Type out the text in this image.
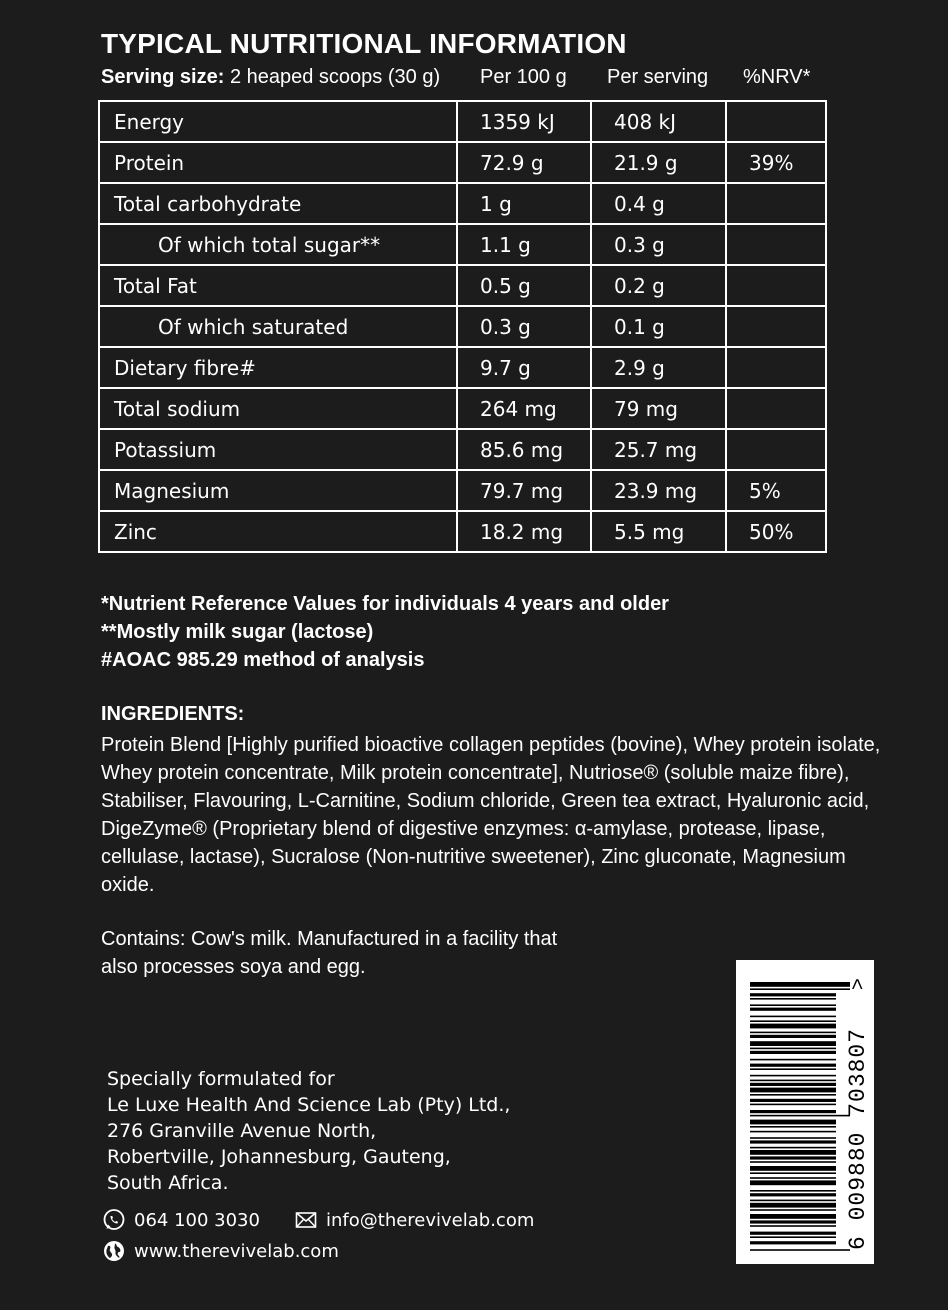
TYPICAL NUTRITIONAL INFORMATION
Serving size: 2 heaped scoops (30 g) Per 100 g Per serving %NRV*
Energy	1359 kJ	408 kJ	
Protein	72.9 g	21.9 g	39%
Total carbohydrate	1 g	0.4 g	
Of which total sugar**	1.1 g	0.3 g	
Total Fat	0.5 g	0.2 g	
Of which saturated	0.3 g	0.1 g	
Dietary fibre#	9.7 g	2.9 g	
Total sodium	264 mg	79 mg	
Potassium	85.6 mg	25.7 mg	
Magnesium	79.7 mg	23.9 mg	5%
Zinc	18.2 mg	5.5 mg	50%
*Nutrient Reference Values for individuals 4 years and older
**Mostly milk sugar (lactose)
#AOAC 985.29 method of analysis
INGREDIENTS:
Protein Blend [Highly purified bioactive collagen peptides (bovine), Whey protein isolate, Whey protein concentrate, Milk protein concentrate], Nutriose® (soluble maize fibre), Stabiliser, Flavouring, L-Carnitine, Sodium chloride, Green tea extract, Hyaluronic acid, DigeZyme® (Proprietary blend of digestive enzymes: α-amylase, protease, lipase, cellulase, lactase), Sucralose (Non-nutritive sweetener), Zinc gluconate, Magnesium oxide.
Contains: Cow's milk. Manufactured in a facility that also processes soya and egg.
Specially formulated for
Le Luxe Health And Science Lab (Pty) Ltd.,
276 Granville Avenue North,
Robertville, Johannesburg, Gauteng,
South Africa.
064 100 3030	info@therevivelab.com
www.therevivelab.com
6 009880 703807
>
